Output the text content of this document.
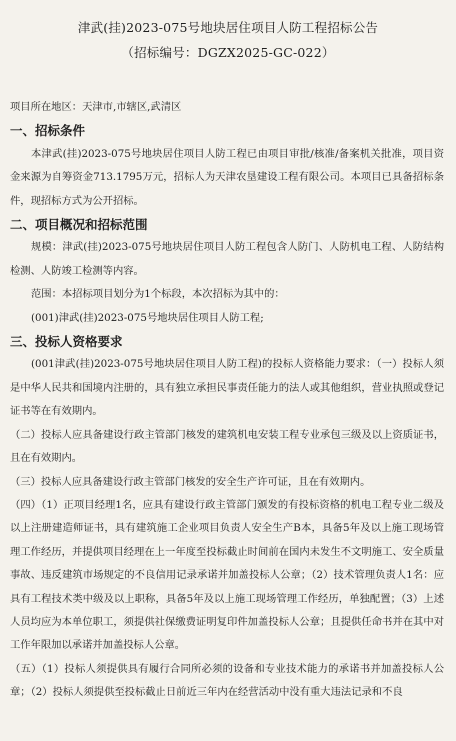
津武(挂)2023-075号地块居住项目人防工程招标公告
（招标编号：DGZX2025-GC-022）

项目所在地区：天津市,市辖区,武清区

一、招标条件

本津武(挂)2023-075号地块居住项目人防工程已由项目审批/核准/备案机关批准，项目资金来源为自筹资金713.1795万元，招标人为天津农垦建设工程有限公司。本项目已具备招标条件，现招标方式为公开招标。

二、项目概况和招标范围

规模：津武(挂)2023-075号地块居住项目人防工程包含人防门、人防机电工程、人防结构检测、人防竣工检测等内容。

范围：本招标项目划分为1个标段，本次招标为其中的：

(001)津武(挂)2023-075号地块居住项目人防工程;

三、投标人资格要求

(001津武(挂)2023-075号地块居住项目人防工程)的投标人资格能力要求：（一）投标人须是中华人民共和国境内注册的，具有独立承担民事责任能力的法人或其他组织，营业执照或登记证书等在有效期内。

（二）投标人应具备建设行政主管部门核发的建筑机电安装工程专业承包三级及以上资质证书，且在有效期内。

（三）投标人应具备建设行政主管部门核发的安全生产许可证，且在有效期内。

（四）（1）正项目经理1名，应具有建设行政主管部门颁发的有投标资格的机电工程专业二级及以上注册建造师证书，具有建筑施工企业项目负责人安全生产B本，具备5年及以上施工现场管理工作经历，并提供项目经理在上一年度至投标截止时间前在国内未发生不文明施工、安全质量事故、违反建筑市场规定的不良信用记录承诺并加盖投标人公章；（2）技术管理负责人1名：应具有工程技术类中级及以上职称，具备5年及以上施工现场管理工作经历，单独配置；（3）上述人员均应为本单位职工，须提供社保缴费证明复印件加盖投标人公章；且提供任命书并在其中对工作年限加以承诺并加盖投标人公章。

（五）（1）投标人须提供具有履行合同所必须的设备和专业技术能力的承诺书并加盖投标人公章；（2）投标人须提供至投标截止日前近三年内在经营活动中没有重大违法记录和不良
